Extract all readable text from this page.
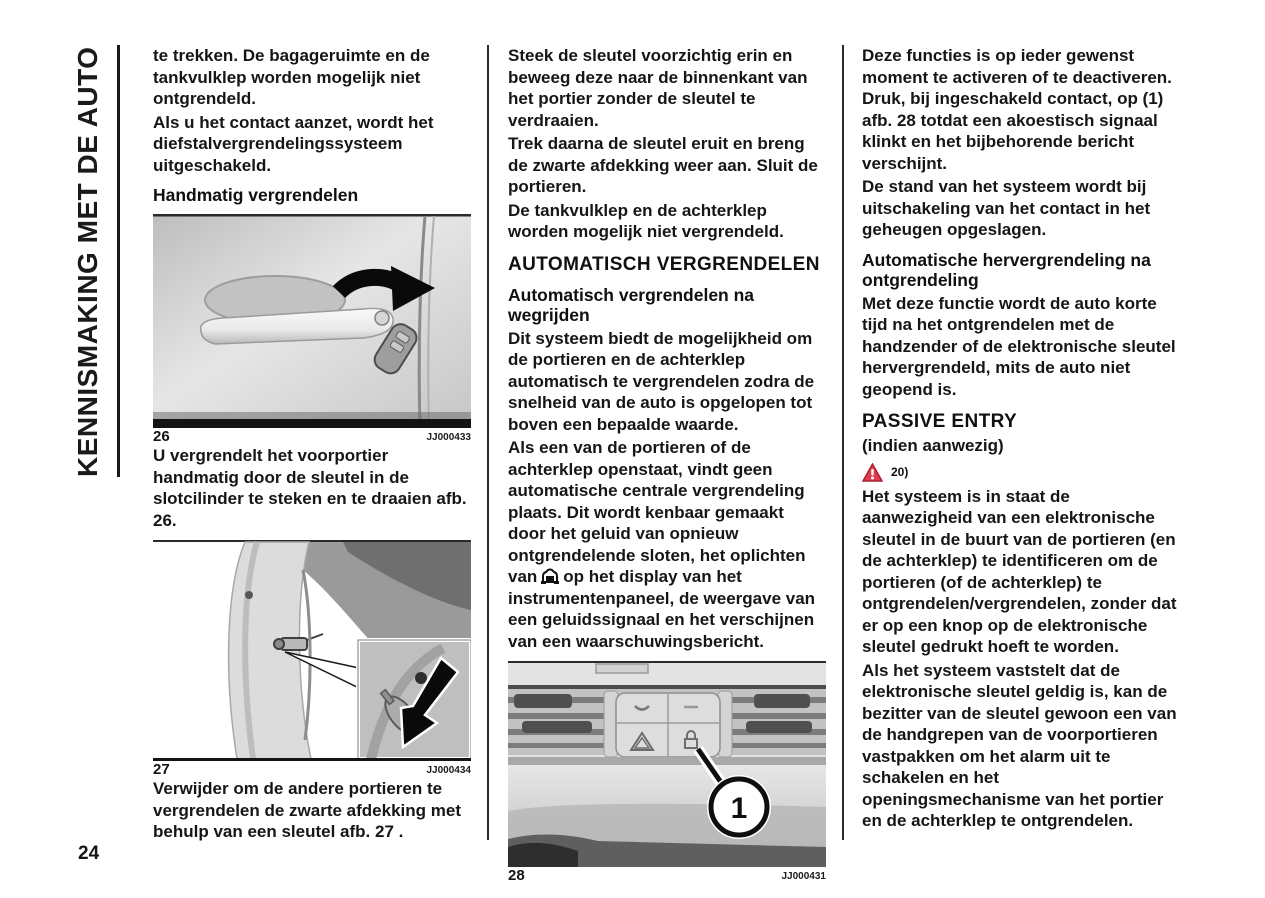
KENNISMAKING MET DE AUTO
24

te trekken. De bagageruimte en de tankvulklep worden mogelijk niet ontgrendeld.

Als u het contact aanzet, wordt het diefstalvergrendelingssysteem uitgeschakeld.

Handmatig vergrendelen
26	JJ000433

U vergrendelt het voorportier handmatig door de sleutel in de slotcilinder te steken en te draaien afb. 26.

27	JJ000434

Verwijder om de andere portieren te vergrendelen de zwarte afdekking met behulp van een sleutel afb. 27 .

Steek de sleutel voorzichtig erin en beweeg deze naar de binnenkant van het portier zonder de sleutel te verdraaien.

Trek daarna de sleutel eruit en breng de zwarte afdekking weer aan. Sluit de portieren.

De tankvulklep en de achterklep worden mogelijk niet vergrendeld.

AUTOMATISCH VERGRENDELEN
Automatisch vergrendelen na wegrijden

Dit systeem biedt de mogelijkheid om de portieren en de achterklep automatisch te vergrendelen zodra de snelheid van de auto is opgelopen tot boven een bepaalde waarde.

Als een van de portieren of de achterklep openstaat, vindt geen automatische centrale vergrendeling plaats. Dit wordt kenbaar gemaakt door het geluid van opnieuw ontgrendelende sloten, het oplichten van op het display van het instrumentenpaneel, de weergave van een geluidssignaal en het verschijnen van een waarschuwingsbericht.

1
28	JJ000431

Deze functies is op ieder gewenst moment te activeren of te deactiveren. Druk, bij ingeschakeld contact, op (1) afb. 28 totdat een akoestisch signaal klinkt en het bijbehorende bericht verschijnt.

De stand van het systeem wordt bij uitschakeling van het contact in het geheugen opgeslagen.

Automatische hervergrendeling na ontgrendeling

Met deze functie wordt de auto korte tijd na het ontgrendelen met de handzender of de elektronische sleutel hervergrendeld, mits de auto niet geopend is.

PASSIVE ENTRY

(indien aanwezig)

20)

Het systeem is in staat de aanwezigheid van een elektronische sleutel in de buurt van de portieren (en de achterklep) te identificeren om de portieren (of de achterklep) te ontgrendelen/vergrendelen, zonder dat er op een knop op de elektronische sleutel gedrukt hoeft te worden.

Als het systeem vaststelt dat de elektronische sleutel geldig is, kan de bezitter van de sleutel gewoon een van de handgrepen van de voorportieren vastpakken om het alarm uit te schakelen en het openingsmechanisme van het portier en de achterklep te ontgrendelen.
